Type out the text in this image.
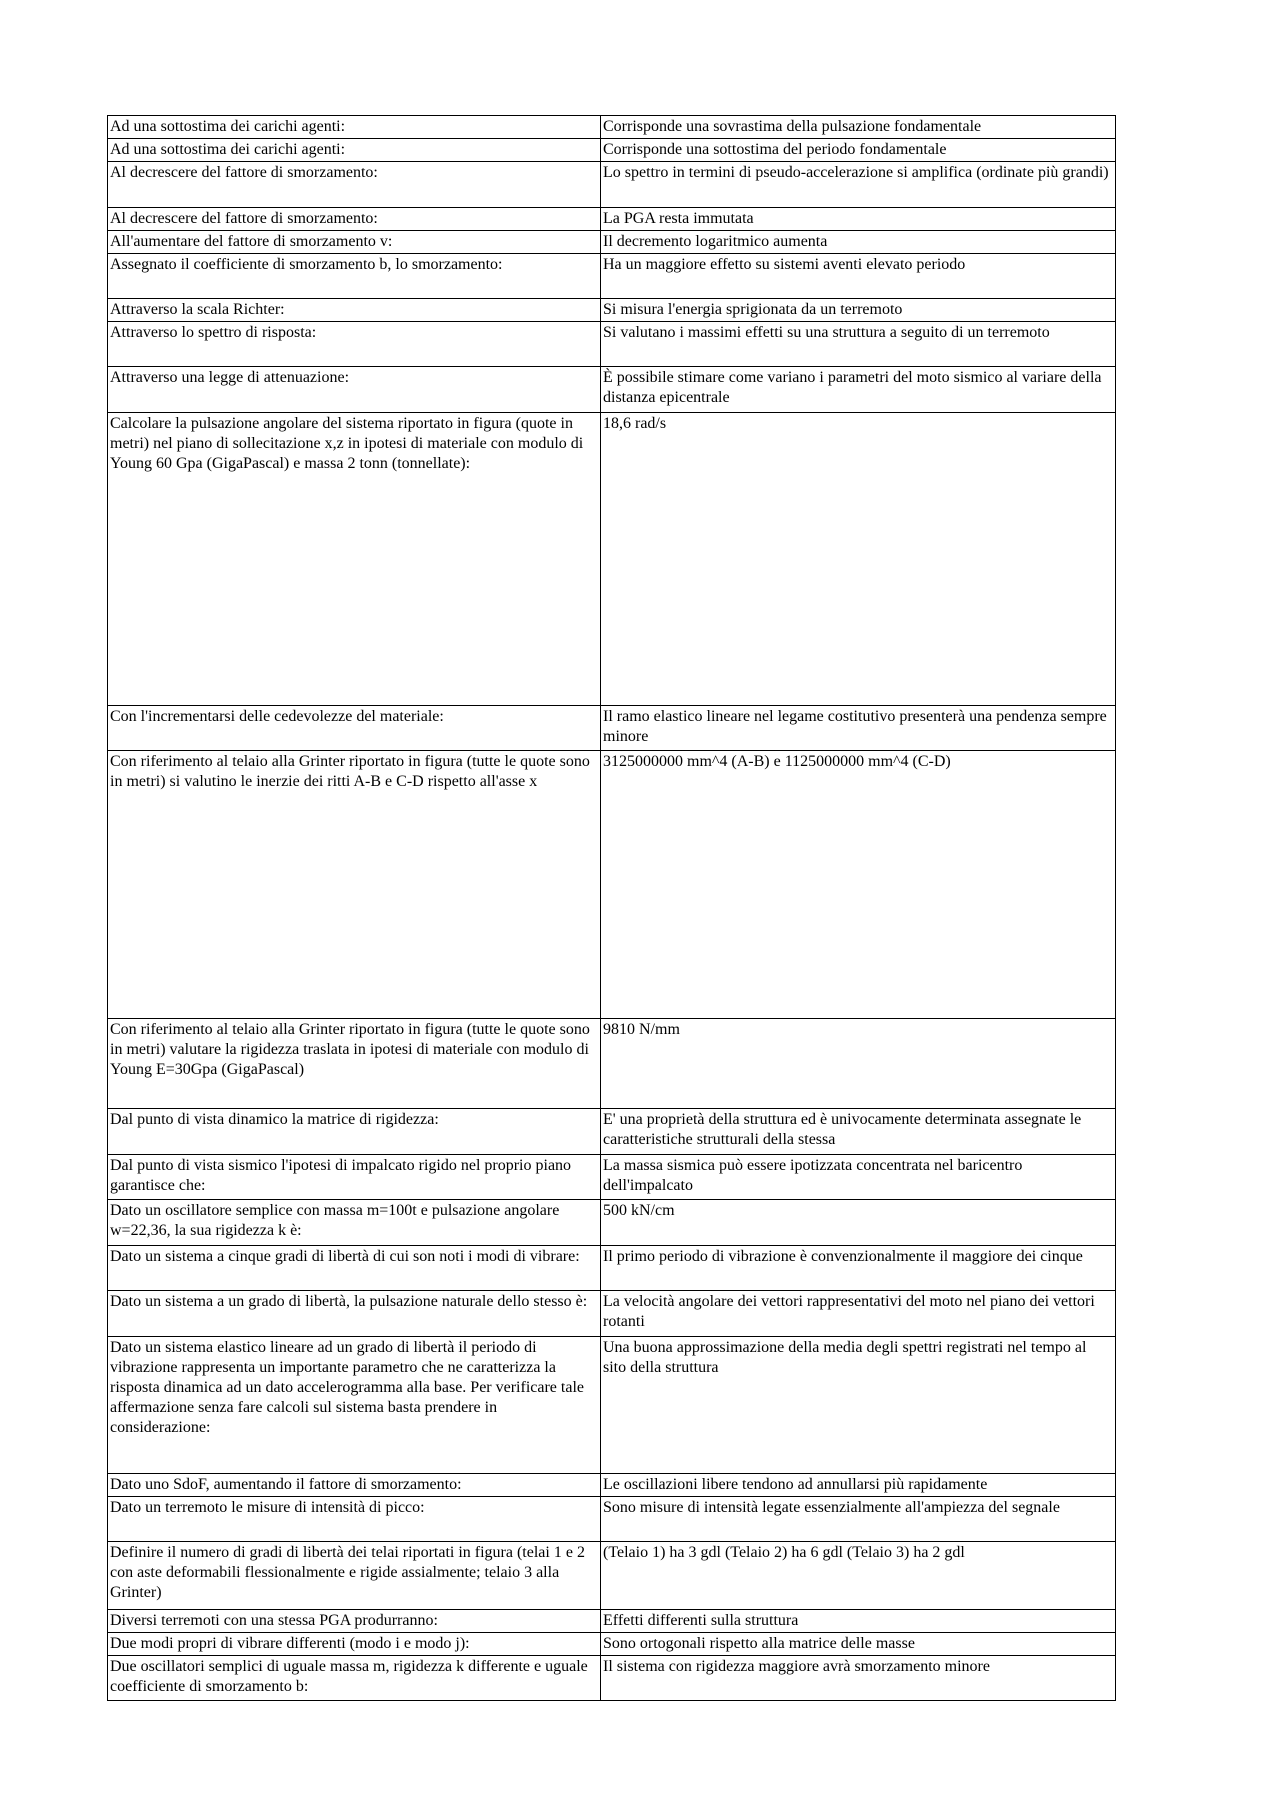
Ad una sottostima dei carichi agenti:	Corrisponde una sovrastima della pulsazione fondamentale
Ad una sottostima dei carichi agenti:	Corrisponde una sottostima del periodo fondamentale
Al decrescere del fattore di smorzamento:	Lo spettro in termini di pseudo-accelerazione si amplifica (ordinate più grandi)
Al decrescere del fattore di smorzamento:	La PGA resta immutata
All'aumentare del fattore di smorzamento v:	Il decremento logaritmico aumenta
Assegnato il coefficiente di smorzamento b, lo smorzamento:	Ha un maggiore effetto su sistemi aventi elevato periodo
Attraverso la scala Richter:	Si misura l'energia sprigionata da un terremoto
Attraverso lo spettro di risposta:	Si valutano i massimi effetti su una struttura a seguito di un terremoto
Attraverso una legge di attenuazione:	È possibile stimare come variano i parametri del moto sismico al variare della distanza epicentrale
Calcolare la pulsazione angolare del sistema riportato in figura (quote in metri) nel piano di sollecitazione x,z in ipotesi di materiale con modulo di Young 60 Gpa (GigaPascal) e massa 2 tonn (tonnellate):	18,6 rad/s
Con l'incrementarsi delle cedevolezze del materiale:	Il ramo elastico lineare nel legame costitutivo presenterà una pendenza sempre minore
Con riferimento al telaio alla Grinter riportato in figura (tutte le quote sono in metri) si valutino le inerzie dei ritti A-B e C-D rispetto all'asse x	3125000000 mm^4 (A-B) e 1125000000 mm^4 (C-D)
Con riferimento al telaio alla Grinter riportato in figura (tutte le quote sono in metri) valutare la rigidezza traslata in ipotesi di materiale con modulo di Young E=30Gpa (GigaPascal)	9810 N/mm
Dal punto di vista dinamico la matrice di rigidezza:	E' una proprietà della struttura ed è univocamente determinata assegnate le caratteristiche strutturali della stessa
Dal punto di vista sismico l'ipotesi di impalcato rigido nel proprio piano garantisce che:	La massa sismica può essere ipotizzata concentrata nel baricentro dell'impalcato
Dato un oscillatore semplice con massa m=100t e pulsazione angolare w=22,36, la sua rigidezza k è:	500 kN/cm
Dato un sistema a cinque gradi di libertà di cui son noti i modi di vibrare:	Il primo periodo di vibrazione è convenzionalmente il maggiore dei cinque
Dato un sistema a un grado di libertà, la pulsazione naturale dello stesso è:	La velocità angolare dei vettori rappresentativi del moto nel piano dei vettori rotanti
Dato un sistema elastico lineare ad un grado di libertà il periodo di vibrazione rappresenta un importante parametro che ne caratterizza la risposta dinamica ad un dato accelerogramma alla base. Per verificare tale affermazione senza fare calcoli sul sistema basta prendere in considerazione:	Una buona approssimazione della media degli spettri registrati nel tempo al sito della struttura
Dato uno SdoF, aumentando il fattore di smorzamento:	Le oscillazioni libere tendono ad annullarsi più rapidamente
Dato un terremoto le misure di intensità di picco:	Sono misure di intensità legate essenzialmente all'ampiezza del segnale
Definire il numero di gradi di libertà dei telai riportati in figura (telai 1 e 2 con aste deformabili flessionalmente e rigide assialmente; telaio 3 alla Grinter)	(Telaio 1) ha 3 gdl (Telaio 2) ha 6 gdl (Telaio 3) ha 2 gdl
Diversi terremoti con una stessa PGA produrranno:	Effetti differenti sulla struttura
Due modi propri di vibrare differenti (modo i e modo j):	Sono ortogonali rispetto alla matrice delle masse
Due oscillatori semplici di uguale massa m, rigidezza k differente e uguale coefficiente di smorzamento b:	Il sistema con rigidezza maggiore avrà smorzamento minore
